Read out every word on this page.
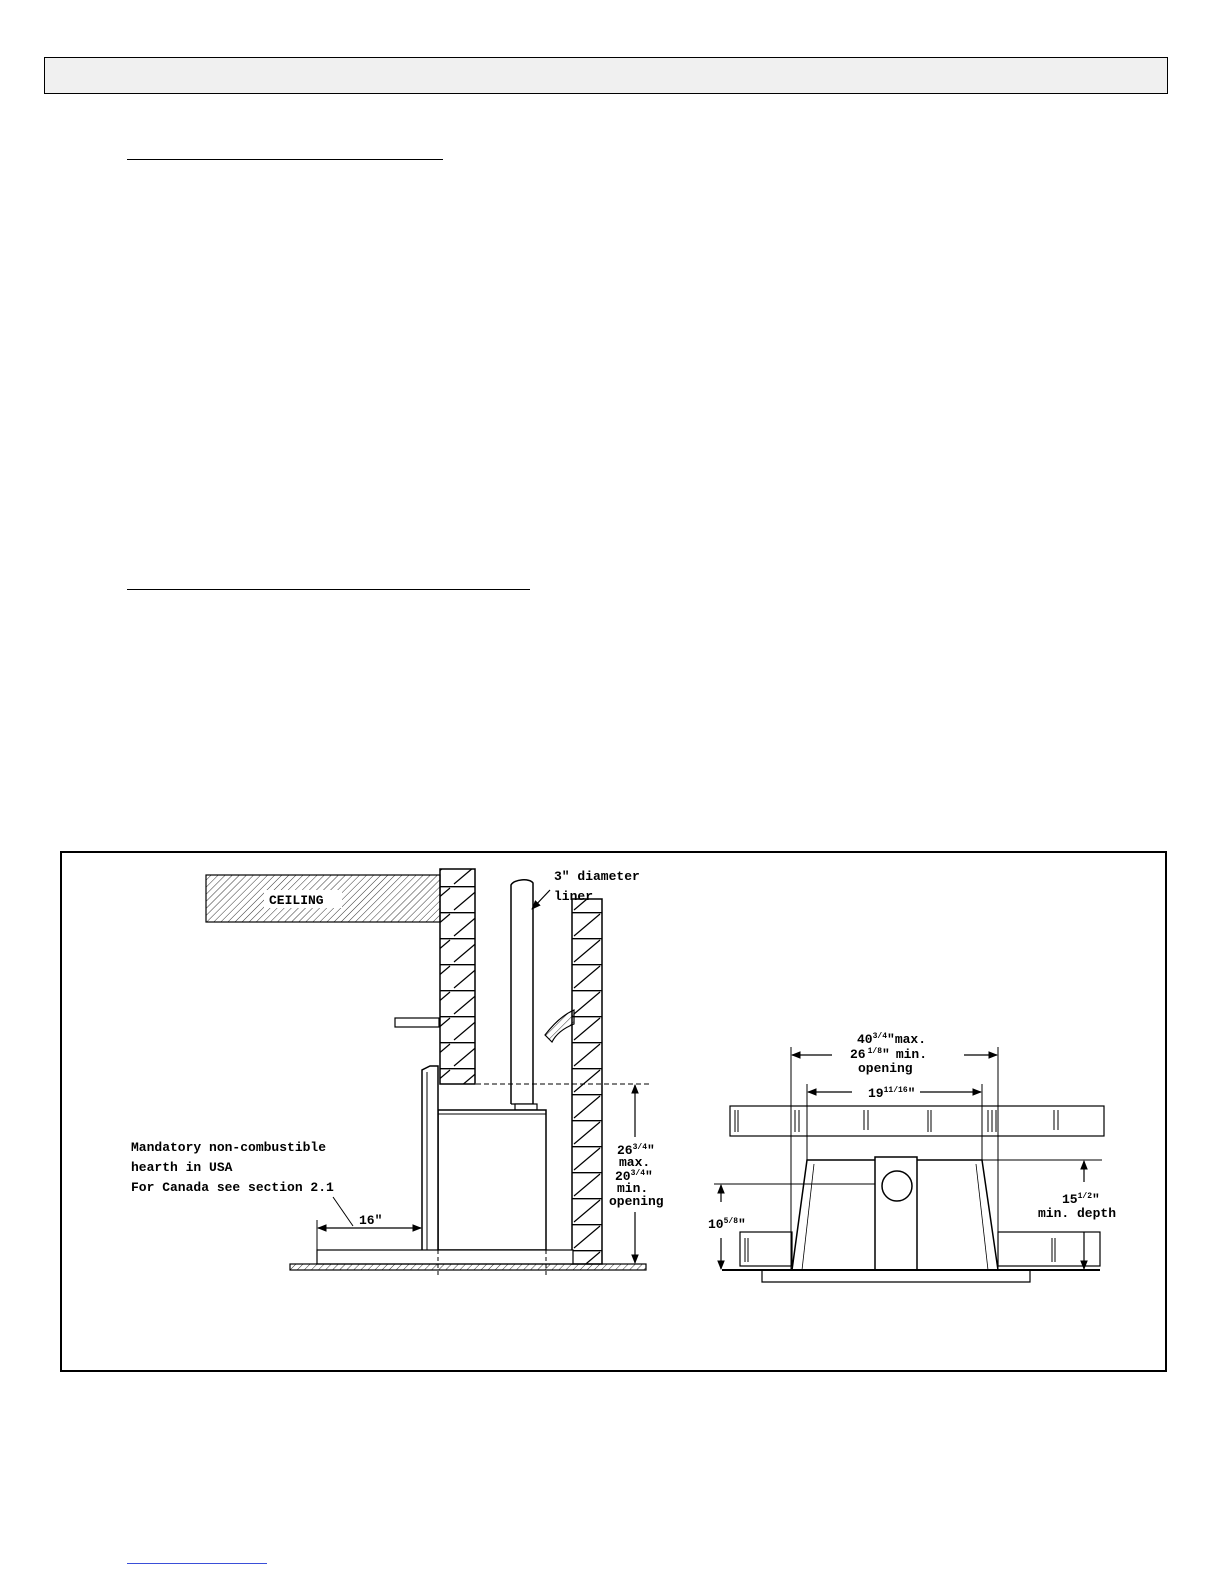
CEILING
3" diameter
liner
16"
Mandatory non-combustible
hearth in USA
For Canada see section 2.1
$26^{3/4}$"
max.
$20^{3/4}$"
min.
opening
$40^{3/4}"\max$.
26 $^{1/8}$" min.
opening
$19^{11/16}$"
$15^{1/2}$"
min. depth
$10^{5/8}$"
